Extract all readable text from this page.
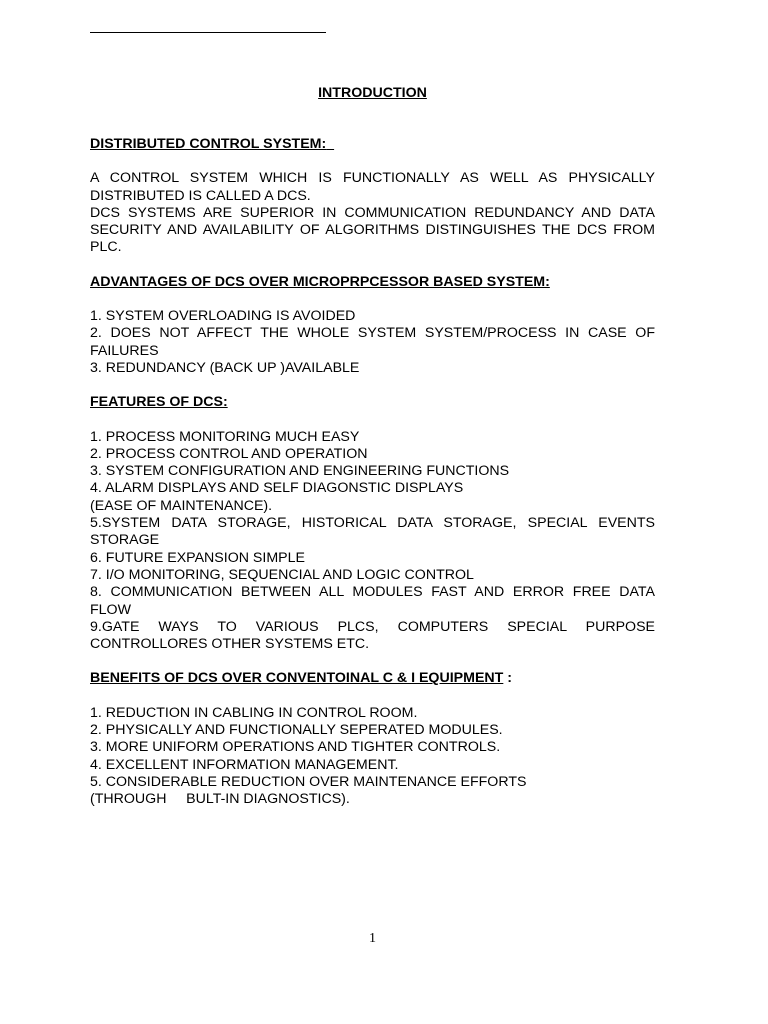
INTRODUCTION
DISTRIBUTED CONTROL SYSTEM:

A CONTROL SYSTEM WHICH IS FUNCTIONALLY AS WELL AS PHYSICALLY DISTRIBUTED IS CALLED A DCS.

DCS SYSTEMS ARE SUPERIOR IN COMMUNICATION REDUNDANCY AND DATA SECURITY AND AVAILABILITY OF ALGORITHMS DISTINGUISHES THE DCS FROM PLC.

ADVANTAGES OF DCS OVER MICROPRPCESSOR BASED SYSTEM:
1. SYSTEM OVERLOADING IS AVOIDED
2. DOES NOT AFFECT THE WHOLE SYSTEM SYSTEM/PROCESS IN CASE OF FAILURES
3. REDUNDANCY (BACK UP )AVAILABLE
FEATURES OF DCS:
1. PROCESS MONITORING MUCH EASY
2. PROCESS CONTROL AND OPERATION
3. SYSTEM CONFIGURATION AND ENGINEERING FUNCTIONS
4. ALARM DISPLAYS AND SELF DIAGONSTIC DISPLAYS
(EASE OF MAINTENANCE).
5.SYSTEM DATA STORAGE, HISTORICAL DATA STORAGE, SPECIAL EVENTS STORAGE
6. FUTURE EXPANSION SIMPLE
7. I/O MONITORING, SEQUENCIAL AND LOGIC CONTROL
8. COMMUNICATION BETWEEN ALL MODULES FAST AND ERROR FREE DATA FLOW
9.GATE WAYS TO VARIOUS PLCS, COMPUTERS SPECIAL PURPOSE CONTROLLORES OTHER SYSTEMS ETC.
BENEFITS OF DCS OVER CONVENTOINAL C & I EQUIPMENT :
1. REDUCTION IN CABLING IN CONTROL ROOM.
2. PHYSICALLY AND FUNCTIONALLY SEPERATED MODULES.
3. MORE UNIFORM OPERATIONS AND TIGHTER CONTROLS.
4. EXCELLENT INFORMATION MANAGEMENT.
5. CONSIDERABLE REDUCTION OVER MAINTENANCE EFFORTS
(THROUGH     BULT-IN DIAGNOSTICS).
1
